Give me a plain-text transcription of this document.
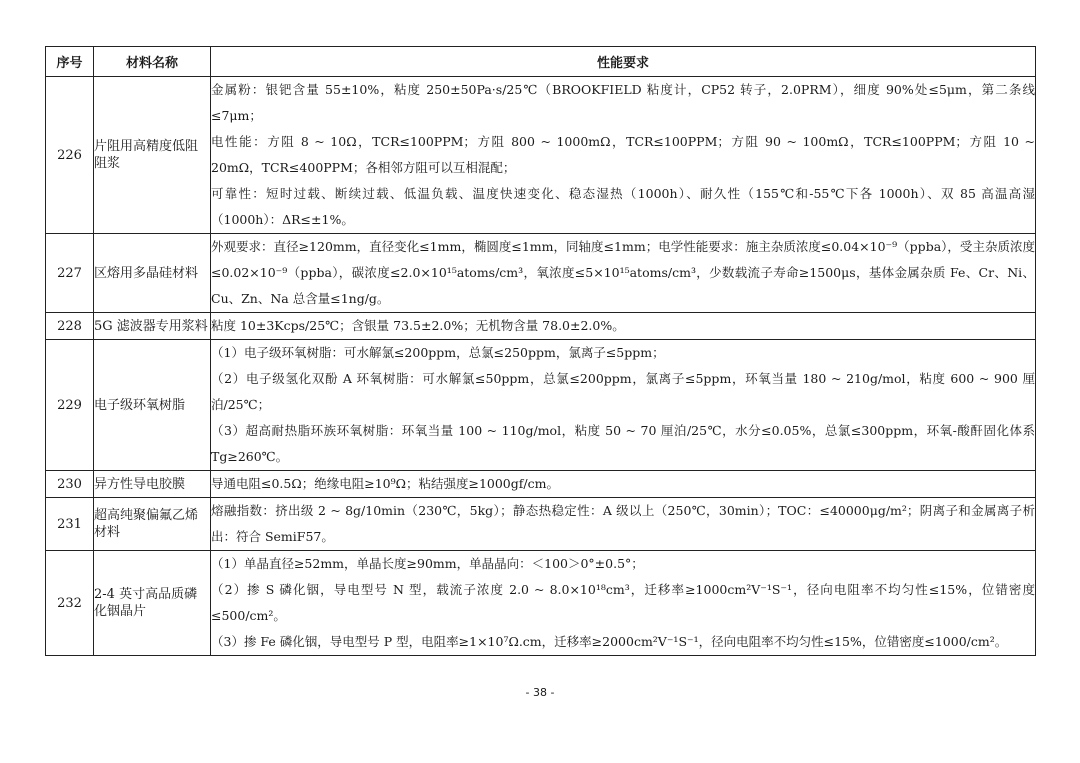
序号	材料名称	性能要求
226	片阻用高精度低阻阻浆	金属粉：银钯含量 55±10%，粘度 250±50Pa·s/25℃（BROOKFIELD 粘度计，CP52 转子，2.0PRM），细度 90%处≤5μm，第二条线≤7μm；

电性能：方阻 8 ~ 10Ω，TCR≤100PPM；方阻 800 ~ 1000mΩ，TCR≤100PPM；方阻 90 ~ 100mΩ，TCR≤100PPM；方阻 10 ~ 20mΩ，TCR≤400PPM；各相邻方阻可以互相混配；

可靠性：短时过载、断续过载、低温负载、温度快速变化、稳态湿热（1000h）、耐久性（155℃和-55℃下各 1000h）、双 85 高温高湿（1000h）：ΔR≤±1%。

227	区熔用多晶硅材料	外观要求：直径≥120mm，直径变化≤1mm，椭圆度≤1mm，同轴度≤1mm；电学性能要求：施主杂质浓度≤0.04×10⁻⁹（ppba），受主杂质浓度≤0.02×10⁻⁹（ppba），碳浓度≤2.0×10¹⁵atoms/cm³，氧浓度≤5×10¹⁵atoms/cm³，少数载流子寿命≥1500μs，基体金属杂质 Fe、Cr、Ni、Cu、Zn、Na 总含量≤1ng/g。

228	5G 滤波器专用浆料	粘度 10±3Kcps/25℃；含银量 73.5±2.0%；无机物含量 78.0±2.0%。

229	电子级环氧树脂	（1）电子级环氧树脂：可水解氯≤200ppm，总氯≤250ppm，氯离子≤5ppm；

（2）电子级氢化双酚 A 环氧树脂：可水解氯≤50ppm，总氯≤200ppm，氯离子≤5ppm，环氧当量 180 ~ 210g/mol，粘度 600 ~ 900 厘泊/25℃；

（3）超高耐热脂环族环氧树脂：环氧当量 100 ~ 110g/mol，粘度 50 ~ 70 厘泊/25℃，水分≤0.05%，总氯≤300ppm，环氧-酸酐固化体系 Tg≥260℃。

230	异方性导电胶膜	导通电阻≤0.5Ω；绝缘电阻≥10⁹Ω；粘结强度≥1000gf/cm。

231	超高纯聚偏氟乙烯材料	熔融指数：挤出级 2 ~ 8g/10min（230℃，5kg）；静态热稳定性：A 级以上（250℃，30min）；TOC：≤40000μg/m²；阴离子和金属离子析出：符合 SemiF57。

232	2-4 英寸高品质磷化铟晶片	（1）单晶直径≥52mm，单晶长度≥90mm，单晶晶向：＜100＞0°±0.5°；

（2）掺 S 磷化铟，导电型号 N 型，载流子浓度 2.0 ~ 8.0×10¹⁸cm³，迁移率≥1000cm²V⁻¹S⁻¹，径向电阻率不均匀性≤15%，位错密度≤500/cm²。

（3）掺 Fe 磷化铟，导电型号 P 型，电阻率≥1×10⁷Ω.cm，迁移率≥2000cm²V⁻¹S⁻¹，径向电阻率不均匀性≤15%，位错密度≤1000/cm²。

- 38 -
